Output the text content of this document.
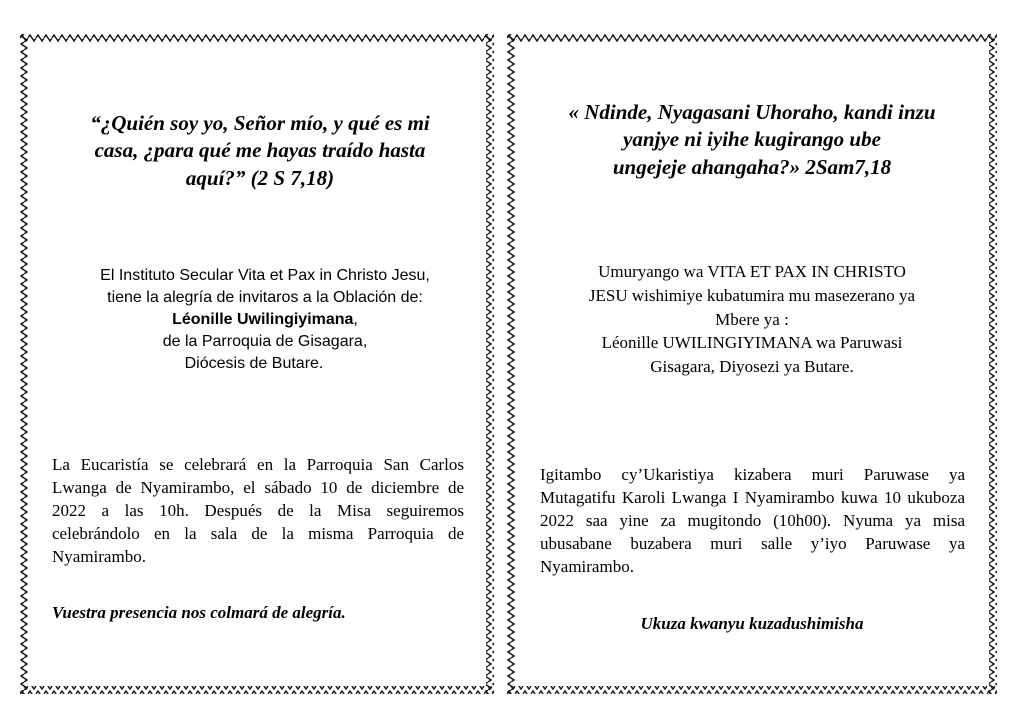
“¿Quién soy yo, Señor mío, y qué es mi
casa, ¿para qué me hayas traído hasta
aquí?” (2 S 7,18)
El Instituto Secular Vita et Pax in Christo Jesu,
tiene la alegría de invitaros a la Oblación de:
Léonille Uwilingiyimana,
de la Parroquia de Gisagara,
Diócesis de Butare.

La Eucaristía se celebrará en la Parroquia San Carlos Lwanga de Nyamirambo, el sábado 10 de diciembre de 2022 a las 10h. Después de la Misa seguiremos celebrándolo en la sala de la misma Parroquia de Nyamirambo.

Vuestra presencia nos colmará de alegría.

« Ndinde, Nyagasani Uhoraho, kandi inzu
yanjye ni iyihe kugirango ube
ungejeje ahangaha?» 2Sam7,18
Umuryango wa VITA ET PAX IN CHRISTO
JESU wishimiye kubatumira mu masezerano ya
Mbere ya :
Léonille UWILINGIYIMANA wa Paruwasi
Gisagara, Diyosezi ya Butare.

Igitambo cy’Ukaristiya kizabera muri Paruwase ya Mutagatifu Karoli Lwanga I Nyamirambo kuwa 10 ukuboza 2022 saa yine za mugitondo (10h00). Nyuma ya misa ubusabane buzabera muri salle y’iyo Paruwase ya Nyamirambo.

Ukuza kwanyu kuzadushimisha
